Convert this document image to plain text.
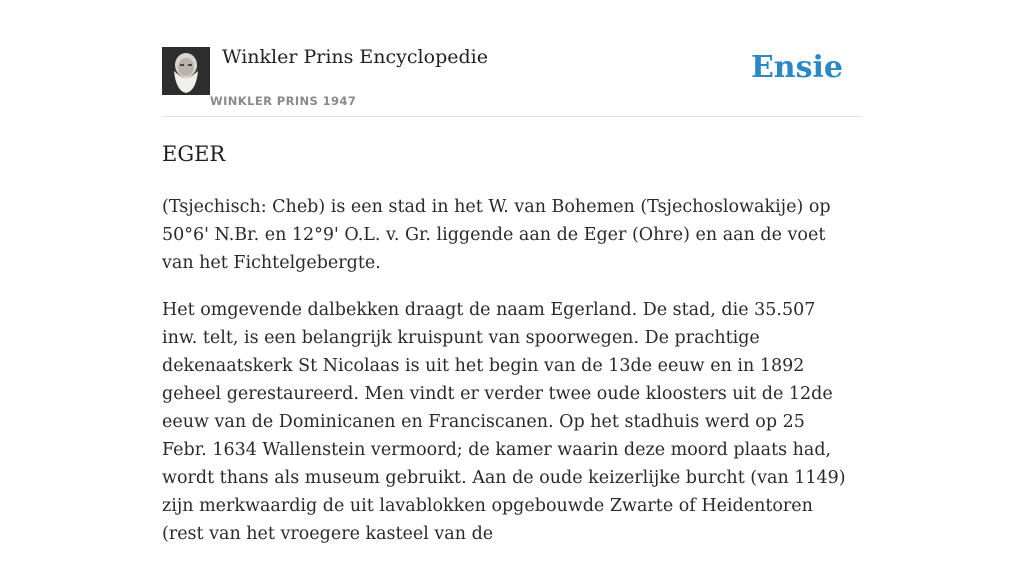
Winkler Prins Encyclopedie
WINKLER PRINS 1947
Ensie
EGER

(Tsjechisch: Cheb) is een stad in het W. van Bohemen (Tsjechoslowakije) op 50°6' N.Br. en 12°9' O.L. v. Gr. liggende aan de Eger (Ohre) en aan de voet van het Fichtelgebergte.

Het omgevende dalbekken draagt de naam Egerland. De stad, die 35.507 inw. telt, is een belangrijk kruispunt van spoorwegen. De prachtige dekenaatskerk St Nicolaas is uit het begin van de 13de eeuw en in 1892 geheel gerestaureerd. Men vindt er verder twee oude kloosters uit de 12de eeuw van de Dominicanen en Franciscanen. Op het stadhuis werd op 25 Febr. 1634 Wallenstein vermoord; de kamer waarin deze moord plaats had, wordt thans als museum gebruikt. Aan de oude keizerlijke burcht (van 1149) zijn merkwaardig de uit lavablokken opgebouwde Zwarte of Heidentoren (rest van het vroegere kasteel van de
